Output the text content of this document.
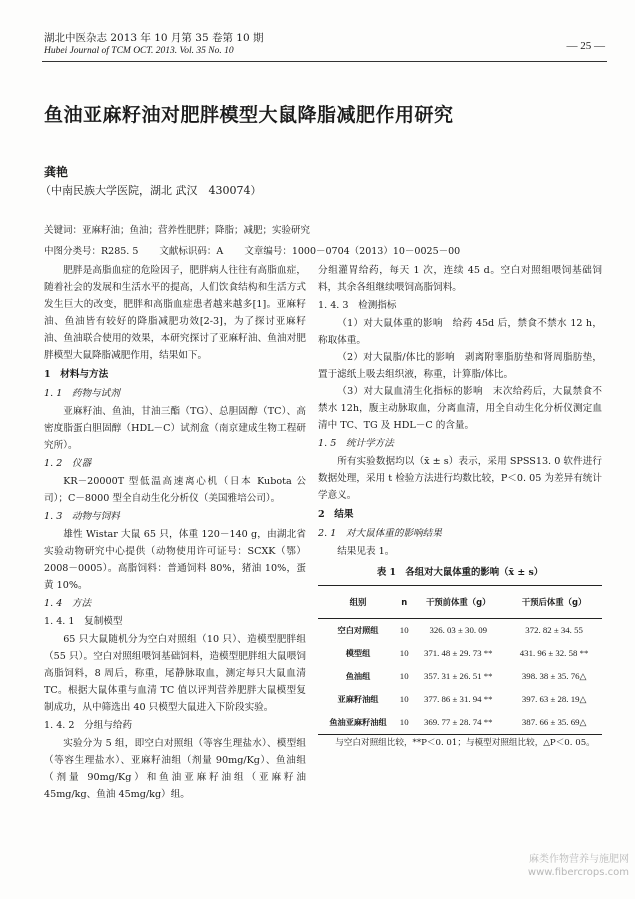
湖北中医杂志 2013 年 10 月第 35 卷第 10 期
Hubei Journal of TCM OCT. 2013. Vol. 35 No. 10	— 25 —
鱼油亚麻籽油对肥胖模型大鼠降脂减肥作用研究
龚艳
（中南民族大学医院，湖北 武汉　430074）
关键词：亚麻籽油；鱼油；营养性肥胖；降脂；减肥；实验研究
中图分类号：R285. 5 文献标识码：A 文章编号：1000－0704（2013）10－0025－00

肥胖是高脂血症的危险因子，肥胖病人往往有高脂血症，随着社会的发展和生活水平的提高，人们饮食结构和生活方式发生巨大的改变，肥胖和高脂血症患者越来越多[1]。亚麻籽油、鱼油皆有较好的降脂减肥功效[2-3]，为了探讨亚麻籽油、鱼油联合使用的效果，本研究探讨了亚麻籽油、鱼油对肥胖模型大鼠降脂减肥作用，结果如下。

1　材料与方法
1. 1　药物与试剂

亚麻籽油、鱼油，甘油三酯（TG）、总胆固醇（TC）、高密度脂蛋白胆固醇（HDL－C）试剂盒（南京建成生物工程研究所）。

1. 2　仪器

KR－20000T 型低温高速离心机（日本 Kubota 公司）；C－8000 型全自动生化分析仪（美国雅培公司）。

1. 3　动物与饲料

雄性 Wistar 大鼠 65 只，体重 120－140 g，由湖北省实验动物研究中心提供（动物使用许可证号：SCXK（鄂）2008－0005）。高脂饲料：普通饲料 80%，猪油 10%，蛋黄 10%。

1. 4　方法
1. 4. 1　复制模型

65 只大鼠随机分为空白对照组（10 只）、造模型肥胖组（55 只）。空白对照组喂饲基础饲料，造模型肥胖组大鼠喂饲高脂饲料，8 周后，称重，尾静脉取血，测定每只大鼠血清 TC。根据大鼠体重与血清 TC 值以评判营养肥胖大鼠模型复制成功，从中筛选出 40 只模型大鼠进入下阶段实验。

1. 4. 2　分组与给药

实验分为 5 组，即空白对照组（等容生理盐水）、模型组（等容生理盐水）、亚麻籽油组（剂量 90mg/Kg）、鱼油组（剂量 90mg/Kg）和鱼油亚麻籽油组（亚麻籽油 45mg/kg、鱼油 45mg/kg）组。

分组灌胃给药，每天 1 次，连续 45 d。空白对照组喂饲基础饲料，其余各组继续喂饲高脂饲料。

1. 4. 3　检测指标

（1）对大鼠体重的影响　给药 45d 后，禁食不禁水 12 h，称取体重。

（2）对大鼠脂/体比的影响　剥离附睾脂肪垫和肾周脂肪垫，置于滤纸上吸去组织液，称重，计算脂/体比。

（3）对大鼠血清生化指标的影响　末次给药后，大鼠禁食不禁水 12h，腹主动脉取血，分离血清，用全自动生化分析仪测定血清中 TC、TG 及 HDL－C 的含量。

1. 5　统计学方法

所有实验数据均以（x̄ ± s）表示，采用 SPSS13. 0 软件进行数据处理，采用 t 检验方法进行均数比较，P＜0. 05 为差异有统计学意义。

2　结果
2. 1　对大鼠体重的影响结果

结果见表 1。

表 1　各组对大鼠体重的影响（x̄ ± s）
组别	n	干预前体重（g）	干预后体重（g）
空白对照组	10	326. 03 ± 30. 09	372. 82 ± 34. 55
模型组	10	371. 48 ± 29. 73 **	431. 96 ± 32. 58 **
鱼油组	10	357. 31 ± 26. 51 **	398. 38 ± 35. 76△
亚麻籽油组	10	377. 86 ± 31. 94 **	397. 63 ± 28. 19△
鱼油亚麻籽油组	10	369. 77 ± 28. 74 **	387. 66 ± 35. 69△

与空白对照组比较，**P＜0. 01；与模型对照组比较，△P＜0. 05。

麻类作物营养与施肥网
www.fibercrops.com
